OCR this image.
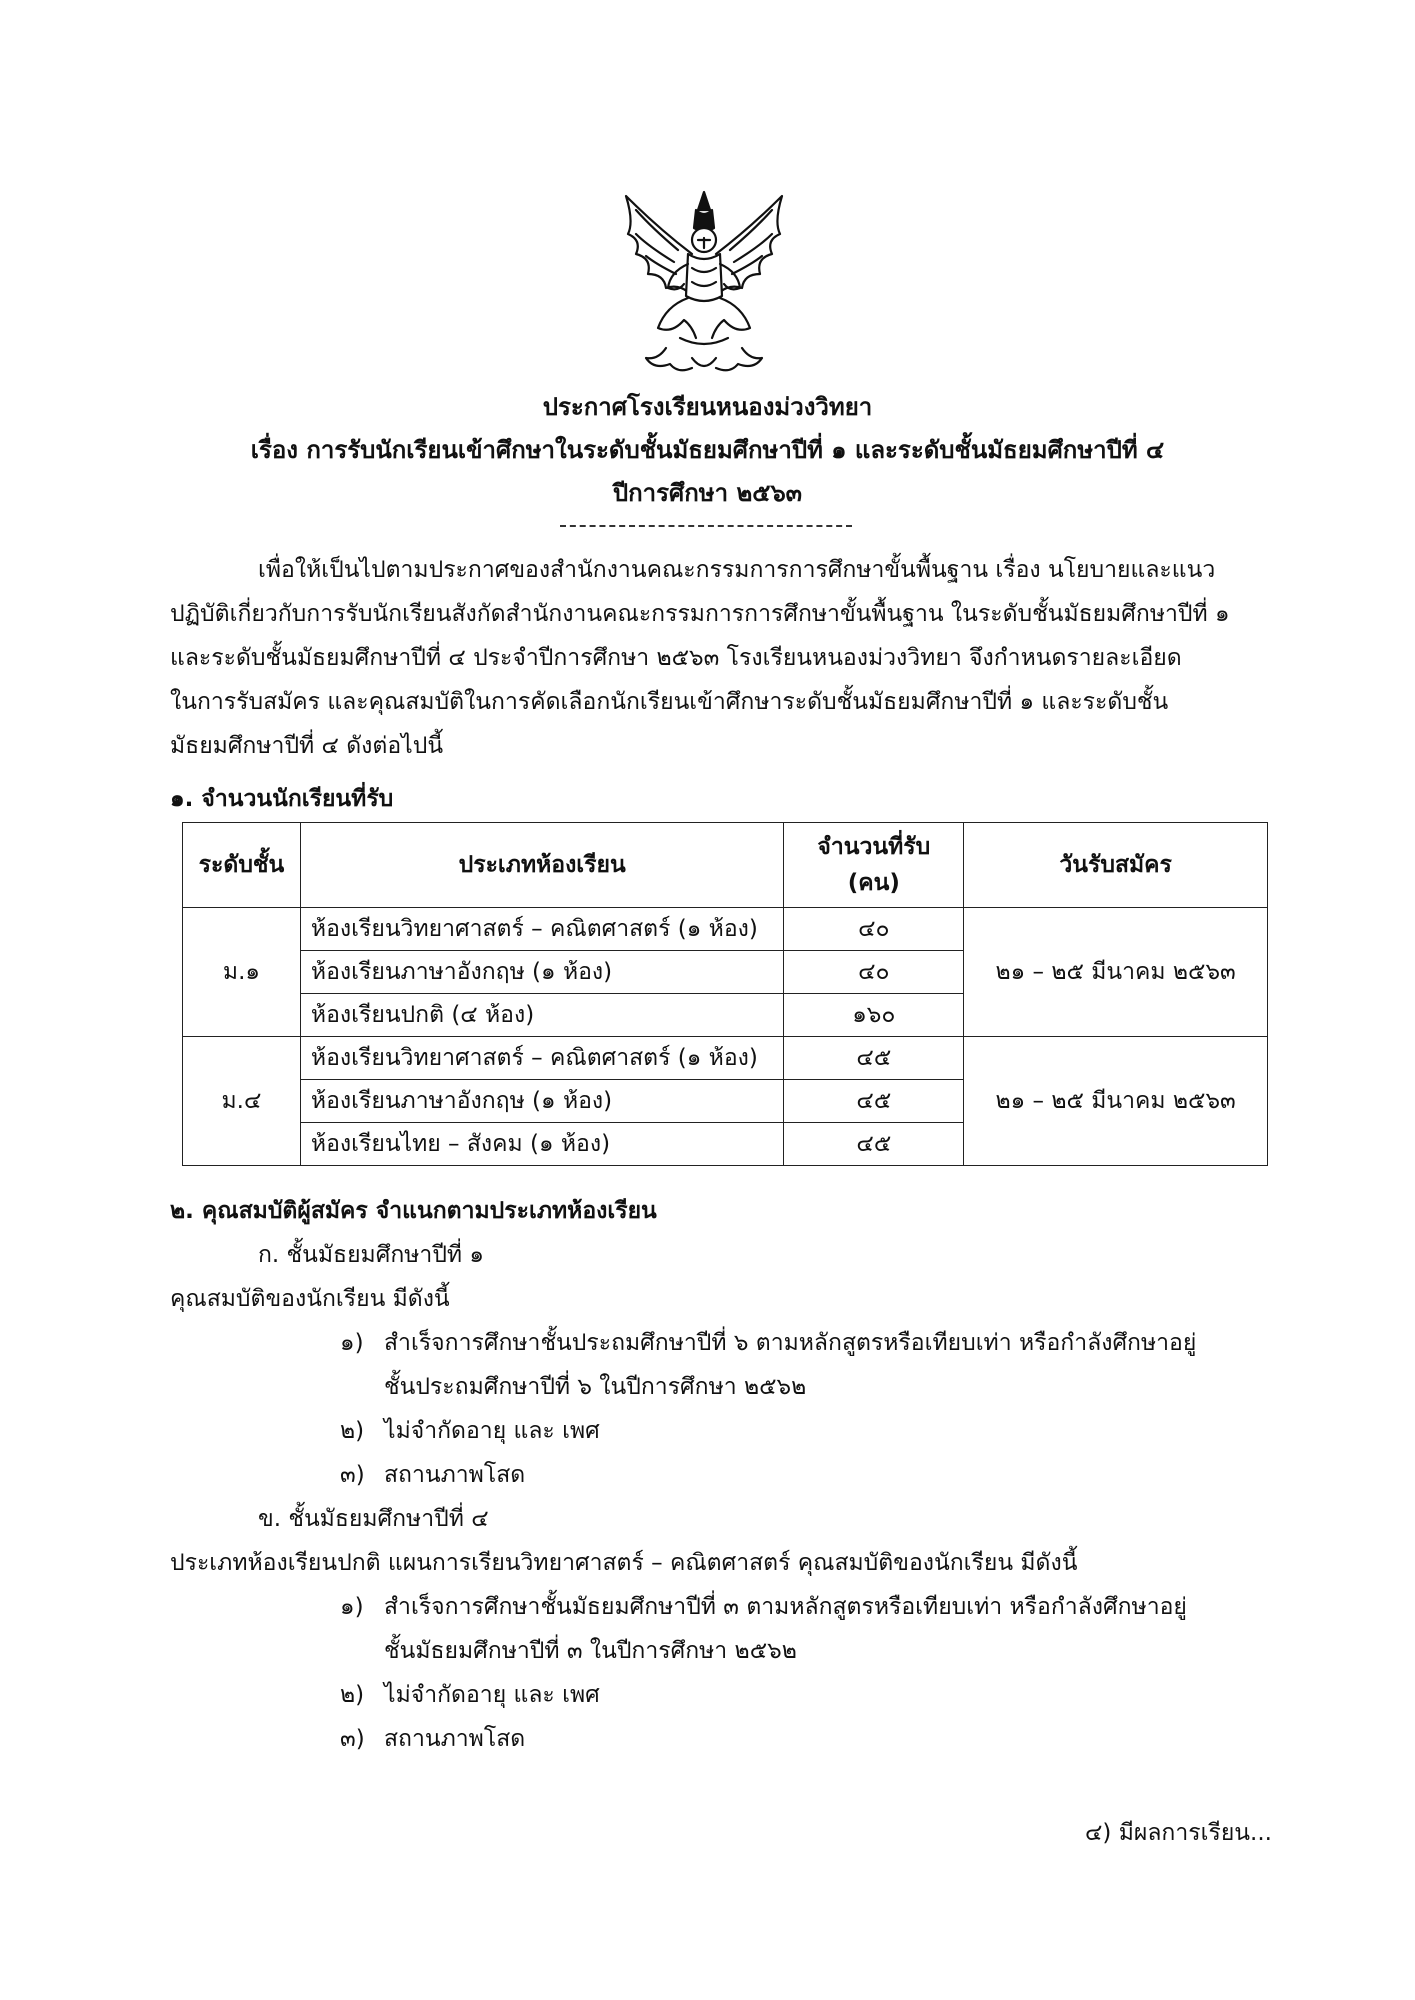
ประกาศโรงเรียนหนองม่วงวิทยา
เรื่อง การรับนักเรียนเข้าศึกษาในระดับชั้นมัธยมศึกษาปีที่ ๑ และระดับชั้นมัธยมศึกษาปีที่ ๔
ปีการศึกษา ๒๕๖๓
เพื่อให้เป็นไปตามประกาศของสำนักงานคณะกรรมการการศึกษาขั้นพื้นฐาน เรื่อง นโยบายและแนว
ปฏิบัติเกี่ยวกับการรับนักเรียนสังกัดสำนักงานคณะกรรมการการศึกษาขั้นพื้นฐาน ในระดับชั้นมัธยมศึกษาปีที่ ๑
และระดับชั้นมัธยมศึกษาปีที่ ๔ ประจำปีการศึกษา ๒๕๖๓ โรงเรียนหนองม่วงวิทยา จึงกำหนดรายละเอียด
ในการรับสมัคร และคุณสมบัติในการคัดเลือกนักเรียนเข้าศึกษาระดับชั้นมัธยมศึกษาปีที่ ๑ และระดับชั้น
มัธยมศึกษาปีที่ ๔ ดังต่อไปนี้
๑. จำนวนนักเรียนที่รับ
ระดับชั้น	ประเภทห้องเรียน	จำนวนที่รับ (คน)	วันรับสมัคร
ม.๑	ห้องเรียนวิทยาศาสตร์ – คณิตศาสตร์ (๑ ห้อง)	๔๐	๒๑ – ๒๕ มีนาคม ๒๕๖๓
	ห้องเรียนภาษาอังกฤษ (๑ ห้อง)	๔๐	
	ห้องเรียนปกติ (๔ ห้อง)	๑๖๐	
ม.๔	ห้องเรียนวิทยาศาสตร์ – คณิตศาสตร์ (๑ ห้อง)	๔๕	๒๑ – ๒๕ มีนาคม ๒๕๖๓
	ห้องเรียนภาษาอังกฤษ (๑ ห้อง)	๔๕	
	ห้องเรียนไทย – สังคม (๑ ห้อง)	๔๕	
๒. คุณสมบัติผู้สมัคร จำแนกตามประเภทห้องเรียน
ก. ชั้นมัธยมศึกษาปีที่ ๑
คุณสมบัติของนักเรียน มีดังนี้
๑) สำเร็จการศึกษาชั้นประถมศึกษาปีที่ ๖ ตามหลักสูตรหรือเทียบเท่า หรือกำลังศึกษาอยู่
ชั้นประถมศึกษาปีที่ ๖ ในปีการศึกษา ๒๕๖๒
๒) ไม่จำกัดอายุ และ เพศ
๓) สถานภาพโสด
ข. ชั้นมัธยมศึกษาปีที่ ๔
ประเภทห้องเรียนปกติ แผนการเรียนวิทยาศาสตร์ – คณิตศาสตร์ คุณสมบัติของนักเรียน มีดังนี้
๑) สำเร็จการศึกษาชั้นมัธยมศึกษาปีที่ ๓ ตามหลักสูตรหรือเทียบเท่า หรือกำลังศึกษาอยู่
ชั้นมัธยมศึกษาปีที่ ๓ ในปีการศึกษา ๒๕๖๒
๒) ไม่จำกัดอายุ และ เพศ
๓) สถานภาพโสด
๔) มีผลการเรียน...
